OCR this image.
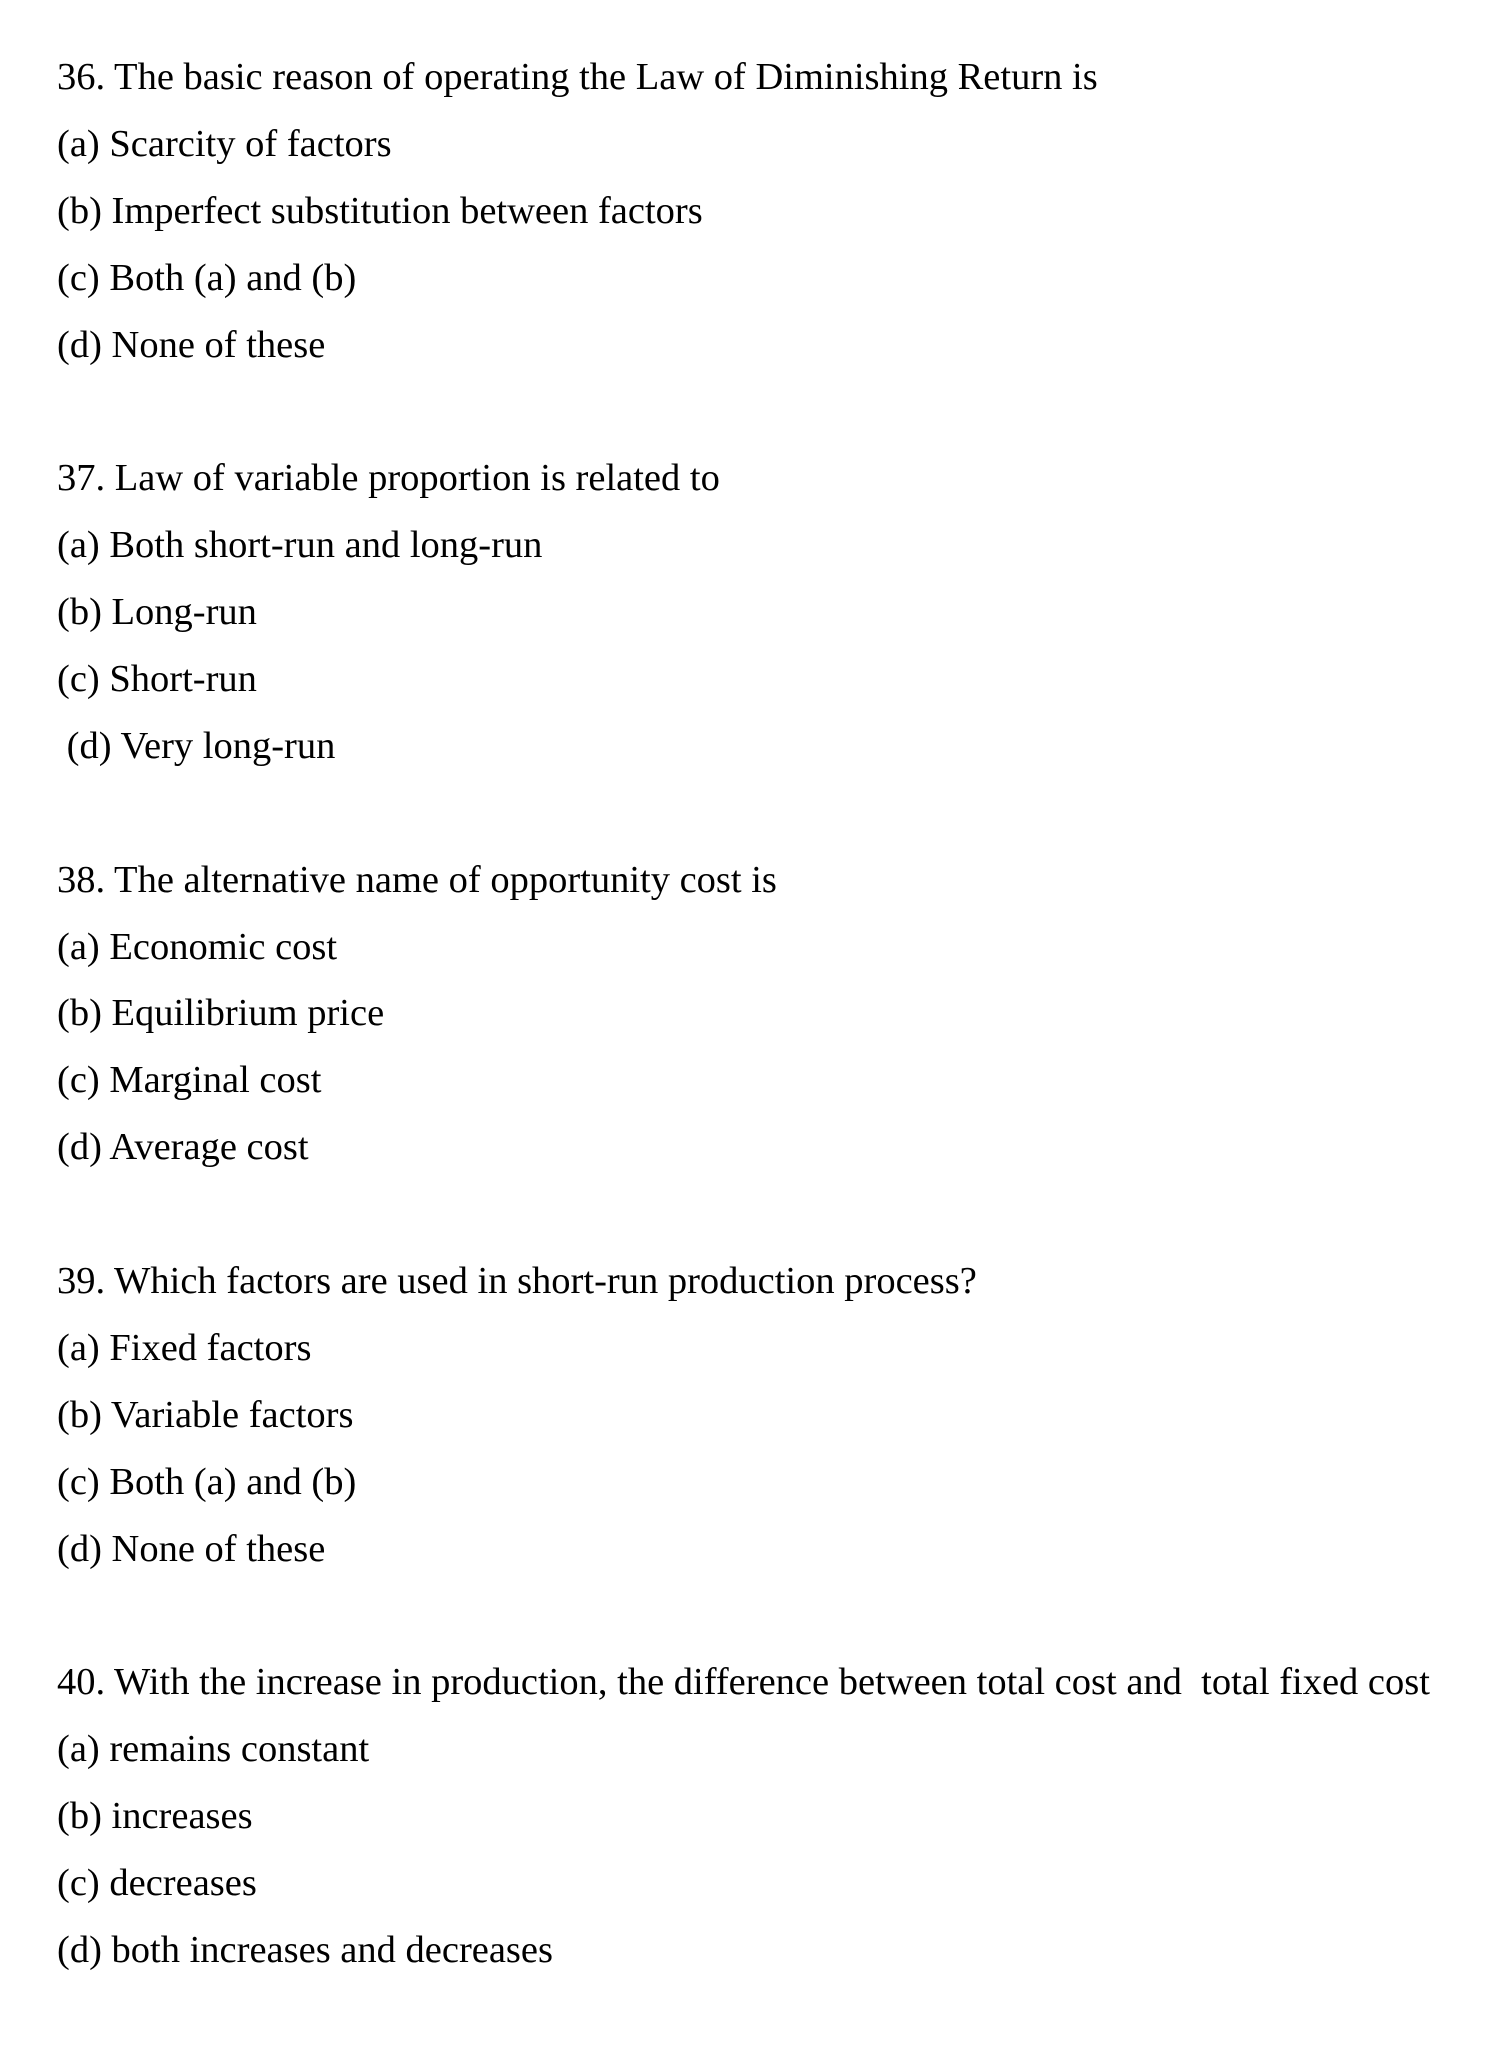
36. The basic reason of operating the Law of Diminishing Return is

(a) Scarcity of factors

(b) Imperfect substitution between factors

(c) Both (a) and (b)

(d) None of these

37. Law of variable proportion is related to

(a) Both short-run and long-run

(b) Long-run

(c) Short-run

(d) Very long-run

38. The alternative name of opportunity cost is

(a) Economic cost

(b) Equilibrium price

(c) Marginal cost

(d) Average cost

39. Which factors are used in short-run production process?

(a) Fixed factors

(b) Variable factors

(c) Both (a) and (b)

(d) None of these

40. With the increase in production, the difference between total cost and  total fixed cost

(a) remains constant

(b) increases

(c) decreases

(d) both increases and decreases
